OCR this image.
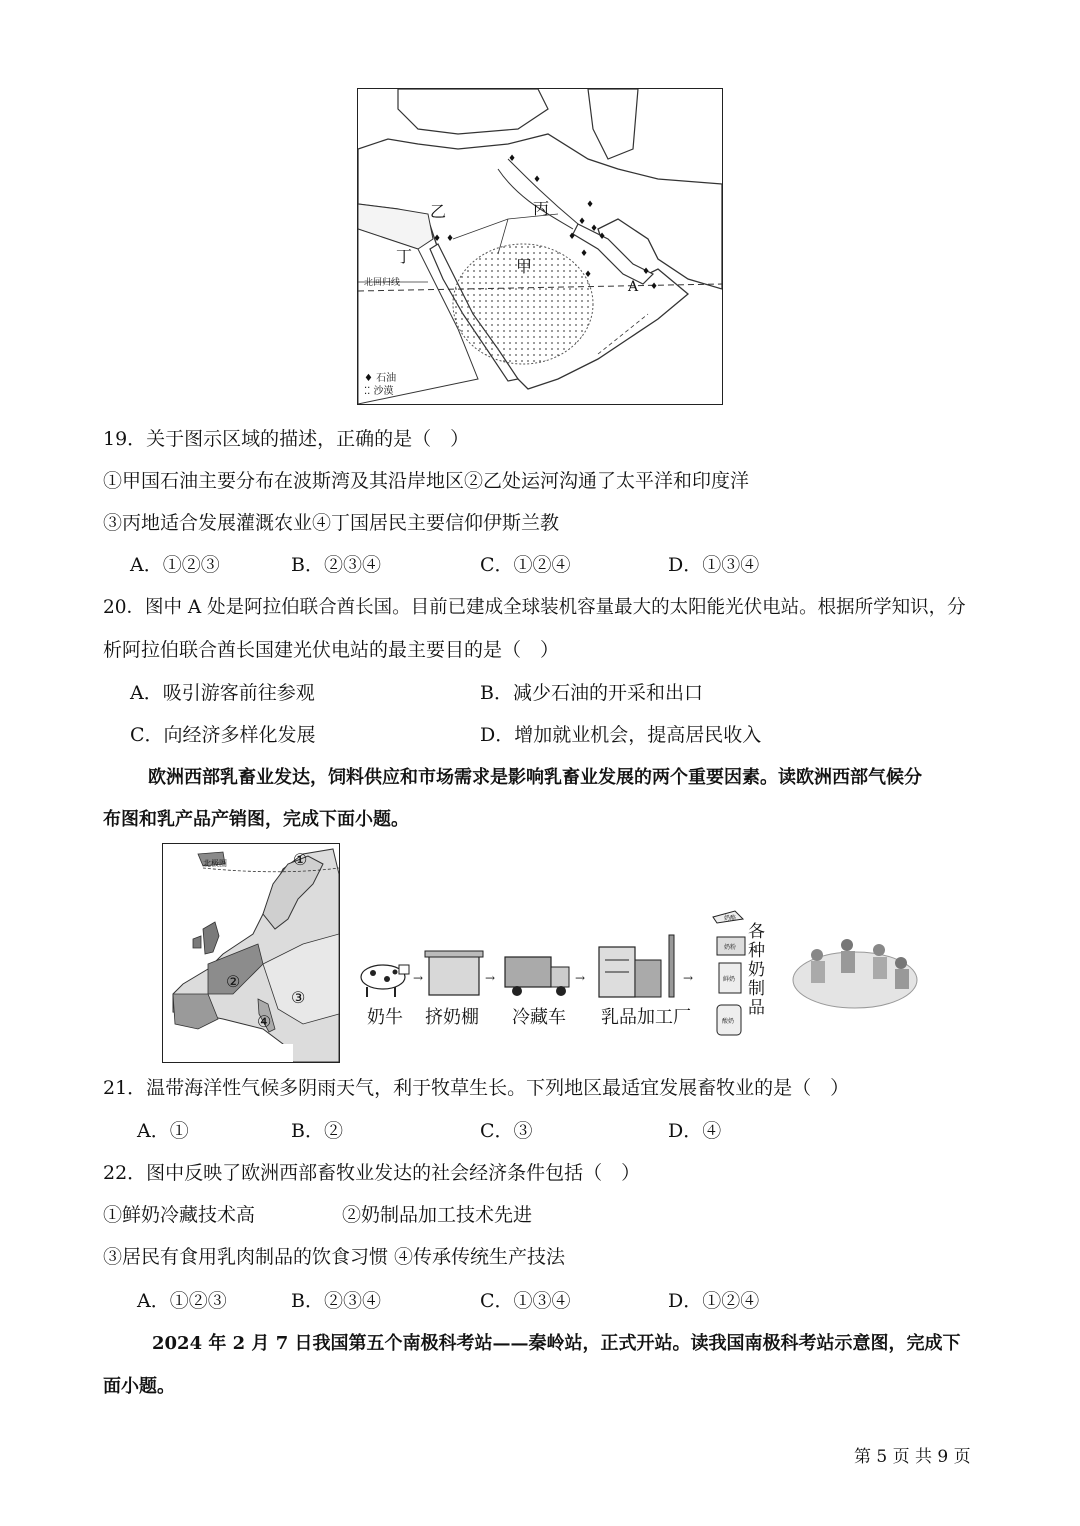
♦
♦
♦
♦
♦
♦ ♦
♦
♦	♦
♦
♦ ♦
乙	丙
丁
甲
A
北回归线
♦ 石油
⁚⁚ 沙漠
19．关于图示区域的描述，正确的是（　）
①甲国石油主要分布在波斯湾及其沿岸地区②乙处运河沟通了太平洋和印度洋
③丙地适合发展灌溉农业④丁国居民主要信仰伊斯兰教
A．①②③	B．②③④	C．①②④	D．①③④
20．图中 A 处是阿拉伯联合酋长国。目前已建成全球装机容量最大的太阳能光伏电站。根据所学知识，分
析阿拉伯联合酋长国建光伏电站的最主要目的是（　）
A．吸引游客前往参观	B．减少石油的开采和出口
C．向经济多样化发展	D．增加就业机会，提高居民收入
欧洲西部乳畜业发达，饲料供应和市场需求是影响乳畜业发展的两个重要因素。读欧洲西部气候分
布图和乳产品产销图，完成下面小题。
北极圈	①
②
③
④
→	→	→	→
奶酪
奶粉
鲜奶
酸奶
奶牛 挤奶棚 冷藏车 乳品加工厂
各种奶制品
21．温带海洋性气候多阴雨天气，利于牧草生长。下列地区最适宜发展畜牧业的是（　）
A．①	B．②	C．③	D．④
22．图中反映了欧洲西部畜牧业发达的社会经济条件包括（　）
①鲜奶冷藏技术高	②奶制品加工技术先进
③居民有食用乳肉制品的饮食习惯 ④传承传统生产技法
A．①②③	B．②③④	C．①③④	D．①②④
2024 年 2 月 7 日我国第五个南极科考站——秦岭站，正式开站。读我国南极科考站示意图，完成下
面小题。
第 5 页 共 9 页
